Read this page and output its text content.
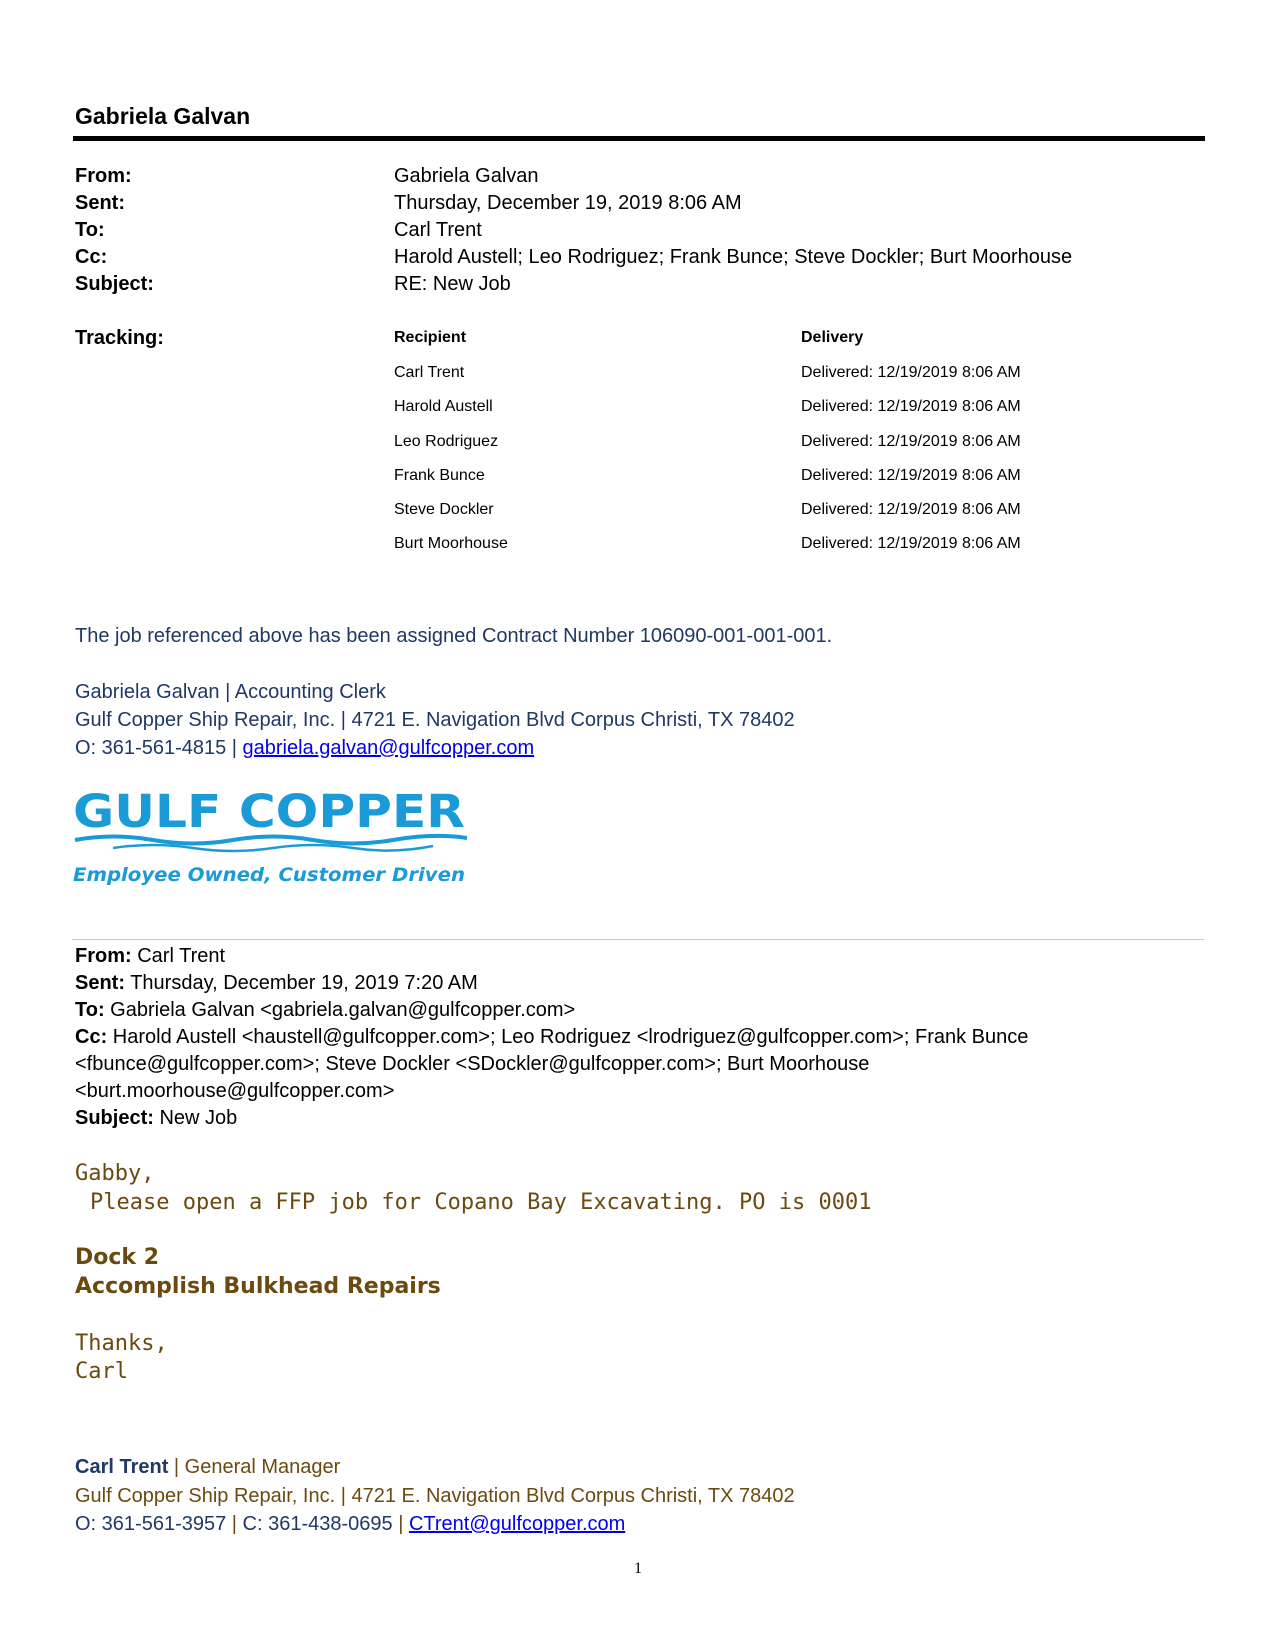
Gabriela Galvan
From:	Gabriela Galvan
Sent:	Thursday, December 19, 2019 8:06 AM
To:	Carl Trent
Cc:	Harold Austell; Leo Rodriguez; Frank Bunce; Steve Dockler; Burt Moorhouse
Subject:	RE: New Job
Tracking:	Recipient	Delivery
Carl Trent	Delivered: 12/19/2019 8:06 AM
Harold Austell	Delivered: 12/19/2019 8:06 AM
Leo Rodriguez	Delivered: 12/19/2019 8:06 AM
Frank Bunce	Delivered: 12/19/2019 8:06 AM
Steve Dockler	Delivered: 12/19/2019 8:06 AM
Burt Moorhouse	Delivered: 12/19/2019 8:06 AM
The job referenced above has been assigned Contract Number 106090-001-001-001.
Gabriela Galvan | Accounting Clerk
Gulf Copper Ship Repair, Inc. | 4721 E. Navigation Blvd Corpus Christi, TX 78402
O: 361-561-4815 | gabriela.galvan@gulfcopper.com
GULF COPPER
Employee Owned, Customer Driven
From: Carl Trent
Sent: Thursday, December 19, 2019 7:20 AM
To: Gabriela Galvan <gabriela.galvan@gulfcopper.com>
Cc: Harold Austell <haustell@gulfcopper.com>; Leo Rodriguez <lrodriguez@gulfcopper.com>; Frank Bunce
<fbunce@gulfcopper.com>; Steve Dockler <SDockler@gulfcopper.com>; Burt Moorhouse
<burt.moorhouse@gulfcopper.com>
Subject: New Job
Gabby,
Please open a FFP job for Copano Bay Excavating. PO is 0001
Dock 2
Accomplish Bulkhead Repairs
Thanks,
Carl
Carl Trent | General Manager
Gulf Copper Ship Repair, Inc. | 4721 E. Navigation Blvd Corpus Christi, TX 78402
O: 361-561-3957 | C: 361-438-0695 | CTrent@gulfcopper.com
1
